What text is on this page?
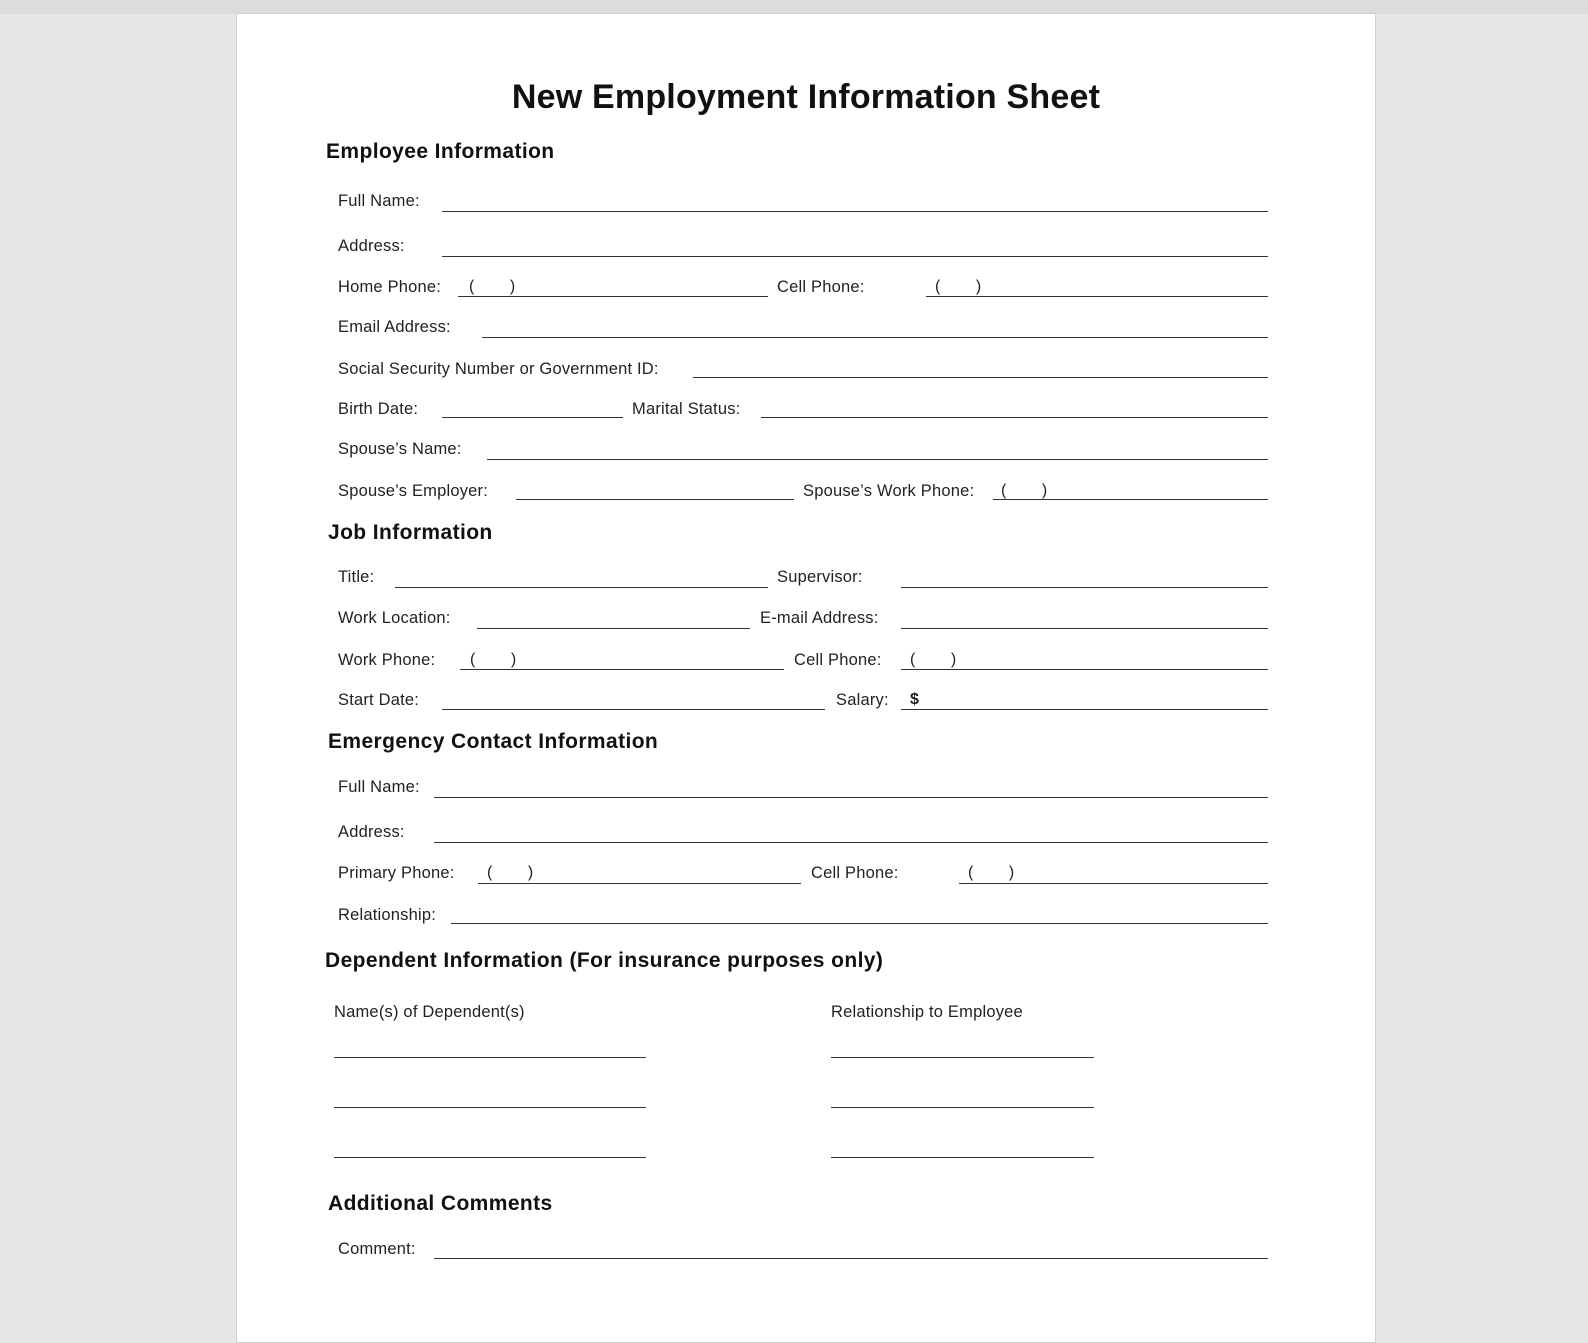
New Employment Information Sheet
Employee Information
Full Name:
Address:
Home Phone: (        )	Cell Phone:	(        )
Email Address:
Social Security Number or Government ID:
Birth Date:	Marital Status:
Spouse’s Name:
Spouse’s Employer:	Spouse’s Work Phone: (        )
Job Information
Title:	Supervisor:
Work Location:	E-mail Address:
Work Phone: (        )	Cell Phone: (        )
Start Date:	Salary: $
Emergency Contact Information
Full Name:
Address:
Primary Phone: (        )	Cell Phone:	(        )
Relationship:
Dependent Information (For insurance purposes only)
Name(s) of Dependent(s)	Relationship to Employee
Additional Comments
Comment:
